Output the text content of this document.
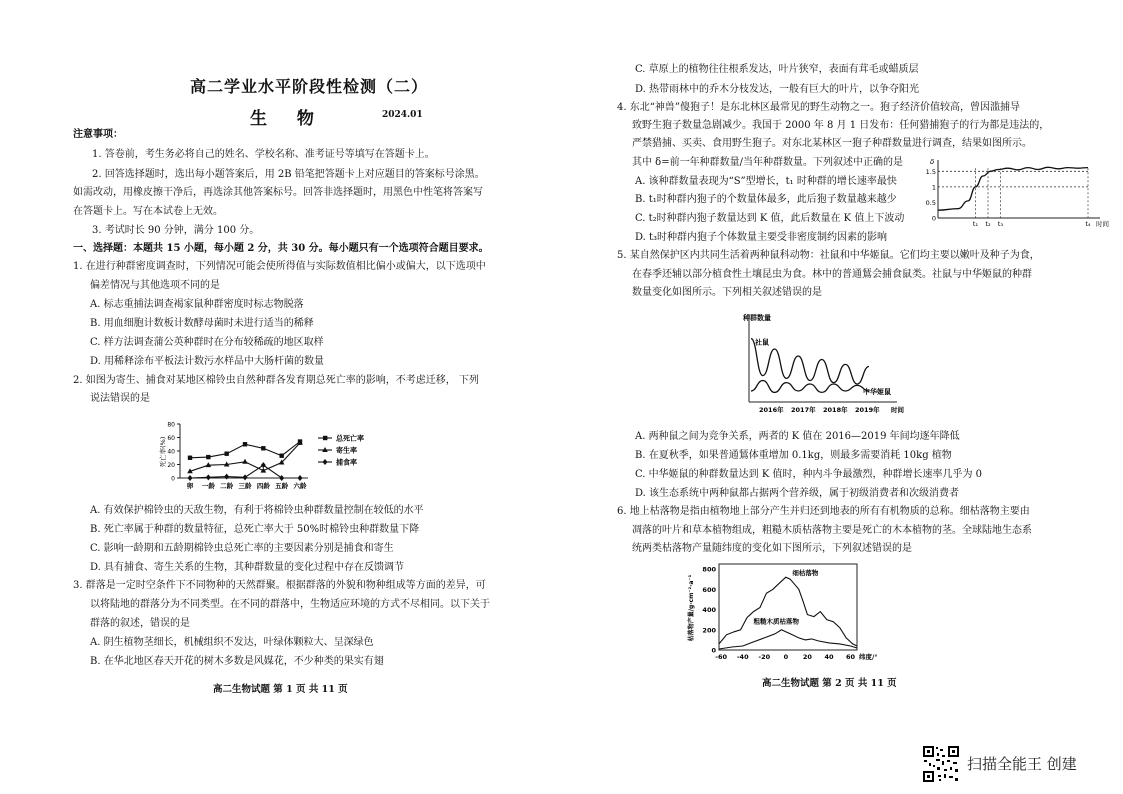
高二学业水平阶段性检测（二）
生 物	2024.01
注意事项：
1. 答卷前，考生务必将自己的姓名、学校名称、准考证号等填写在答题卡上。
2. 回答选择题时，选出每小题答案后，用 2B 铅笔把答题卡上对应题目的答案标号涂黑。
如需改动，用橡皮擦干净后，再选涂其他答案标号。回答非选择题时，用黑色中性笔将答案写
在答题卡上。写在本试卷上无效。
3. 考试时长 90 分钟，满分 100 分。
一、选择题：本题共 15 小题，每小题 2 分，共 30 分。每小题只有一个选项符合题目要求。
1. 在进行种群密度调查时，下列情况可能会使所得值与实际数值相比偏小或偏大，以下选项中
偏差情况与其他选项不同的是
A. 标志重捕法调查褐家鼠种群密度时标志物脱落
B. 用血细胞计数板计数酵母菌时未进行适当的稀释
C. 样方法调查蒲公英种群时在分布较稀疏的地区取样
D. 用稀释涂布平板法计数污水样品中大肠杆菌的数量
2. 如图为寄生、捕食对某地区棉铃虫自然种群各发育期总死亡率的影响，不考虑迁移， 下列
说法错误的是
0
20
40
60
80
死亡率(%)
卵 一龄 二龄 三龄 四龄 五龄 六龄
总死亡率
寄生率
捕食率
A. 有效保护棉铃虫的天敌生物，有利于将棉铃虫种群数量控制在较低的水平
B. 死亡率属于种群的数量特征，总死亡率大于 50%时棉铃虫种群数量下降
C. 影响一龄期和五龄期棉铃虫总死亡率的主要因素分别是捕食和寄生
D. 具有捕食、寄生关系的生物，其种群数量的变化过程中存在反馈调节
3. 群落是一定时空条件下不同物种的天然群聚。根据群落的外貌和物种组成等方面的差异，可
以将陆地的群落分为不同类型。在不同的群落中，生物适应环境的方式不尽相同。以下关于
群落的叙述，错误的是
A. 阴生植物茎细长，机械组织不发达，叶绿体颗粒大、呈深绿色
B. 在华北地区春天开花的树木多数是风媒花，不少种类的果实有翅
高二生物试题 第 1 页 共 11 页
C. 草原上的植物往往根系发达，叶片狭窄，表面有茸毛或蜡质层
D. 热带雨林中的乔木分枝发达，一般有巨大的叶片，以争夺阳光
4. 东北“神兽”傻狍子！是东北林区最常见的野生动物之一。狍子经济价值较高，曾因滥捕导
致野生狍子数量急剧减少。我国于 2000 年 8 月 1 日发布：任何猎捕狍子的行为都是违法的，
严禁猎捕、买卖、食用野生狍子。对东北某林区一狍子种群数量进行调查，结果如图所示。
其中 δ=前一年种群数量/当年种群数量。下列叙述中正确的是
A. 该种群数量表现为“S”型增长，t₁ 时种群的增长速率最快
B. t₁时种群内狍子的个数量体最多，此后狍子数量越来越少
C. t₂时种群内狍子数量达到 K 值，此后数量在 K 值上下波动
D. t₃时种群内狍子个体数量主要受非密度制约因素的影响
δ
0
0.5
1
1.5
t₁ t₂ t₃	t₄ 时间
5. 某自然保护区内共同生活着两种鼠科动物：社鼠和中华姬鼠。它们均主要以嫩叶及种子为食，
在春季还辅以部分植食性土壤昆虫为食。林中的普通鵟会捕食鼠类。社鼠与中华姬鼠的种群
数量变化如图所示。下列相关叙述错误的是
种群数量
时间
社鼠
中华姬鼠
2016年 2017年 2018年 2019年
A. 两种鼠之间为竞争关系，两者的 K 值在 2016—2019 年间均逐年降低
B. 在夏秋季，如果普通鵟体重增加 0.1kg，则最多需要消耗 10kg 植物
C. 中华姬鼠的种群数量达到 K 值时，种内斗争最激烈，种群增长速率几乎为 0
D. 该生态系统中两种鼠都占据两个营养级，属于初级消费者和次级消费者
6. 地上枯落物是指由植物地上部分产生并归还到地表的所有有机物质的总称。细枯落物主要由
凋落的叶片和草本植物组成，粗糙木质枯落物主要是死亡的木本植物的茎。全球陆地生态系
统两类枯落物产量随纬度的变化如下图所示，下列叙述错误的是
0
200
400
600
800
-60 -40 -20 0 20 40 60
枯落物产量/g·cm⁻²·a⁻¹
纬度/°
细枯落物
粗糙木质枯落物
高二生物试题 第 2 页 共 11 页
扫描全能王 创建
